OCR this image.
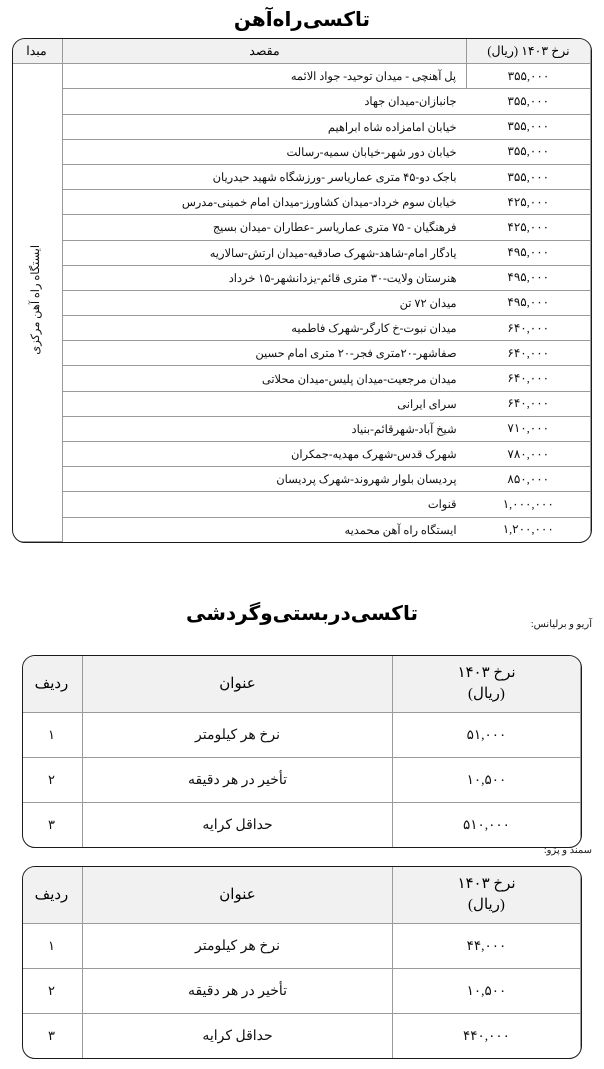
تاکسی‌راه‌آهن
نرخ ۱۴۰۳ (ریال)	مقصد	مبدا
۳۵۵,۰۰۰	پل آهنچی - میدان توحید- جواد الائمه	ایستگاه راه آهن مرکزی
۳۵۵,۰۰۰	جانبازان-میدان جهاد	
۳۵۵,۰۰۰	خیابان امامزاده شاه ابراهیم	
۳۵۵,۰۰۰	خیابان دور شهر-خیابان سمیه-رسالت	
۳۵۵,۰۰۰	باجک دو-۴۵ متری عماریاسر -ورزشگاه شهید حیدریان	
۴۲۵,۰۰۰	خیابان سوم خرداد-میدان کشاورز-میدان امام خمینی-مدرس	
۴۲۵,۰۰۰	فرهنگیان - ۷۵ متری عماریاسر -عطاران -میدان بسیج	
۴۹۵,۰۰۰	یادگار امام-شاهد-شهرک صادقیه-میدان ارتش-سالاریه	
۴۹۵,۰۰۰	هنرستان ولایت-۳۰ متری قائم-یزدانشهر-۱۵ خرداد	
۴۹۵,۰۰۰	میدان ۷۲ تن	
۶۴۰,۰۰۰	میدان نبوت-خ کارگر-شهرک فاطمیه	
۶۴۰,۰۰۰	صفاشهر-۲۰متری فجر-۲۰ متری امام حسین	
۶۴۰,۰۰۰	میدان مرجعیت-میدان پلیس-میدان محلاتی	
۶۴۰,۰۰۰	سرای ایرانی	
۷۱۰,۰۰۰	شیخ آباد-شهرقائم-بنیاد	
۷۸۰,۰۰۰	شهرک قدس-شهرک مهدیه-جمکران	
۸۵۰,۰۰۰	پردیسان بلوار شهروند-شهرک پردیسان	
۱,۰۰۰,۰۰۰	قنوات	
۱,۲۰۰,۰۰۰	ایستگاه راه آهن محمدیه	
تاکسی‌دربستی‌و‌گردشی	آریو و برلیانس:
نرخ ۱۴۰۳
(ریال)	عنوان	ردیف
۵۱,۰۰۰	نرخ هر کیلومتر	۱
۱۰,۵۰۰	تأخیر در هر دقیقه	۲
۵۱۰,۰۰۰	حداقل کرایه	۳
سمند و پژو:
نرخ ۱۴۰۳
(ریال)	عنوان	ردیف
۴۴,۰۰۰	نرخ هر کیلومتر	۱
۱۰,۵۰۰	تأخیر در هر دقیقه	۲
۴۴۰,۰۰۰	حداقل کرایه	۳
